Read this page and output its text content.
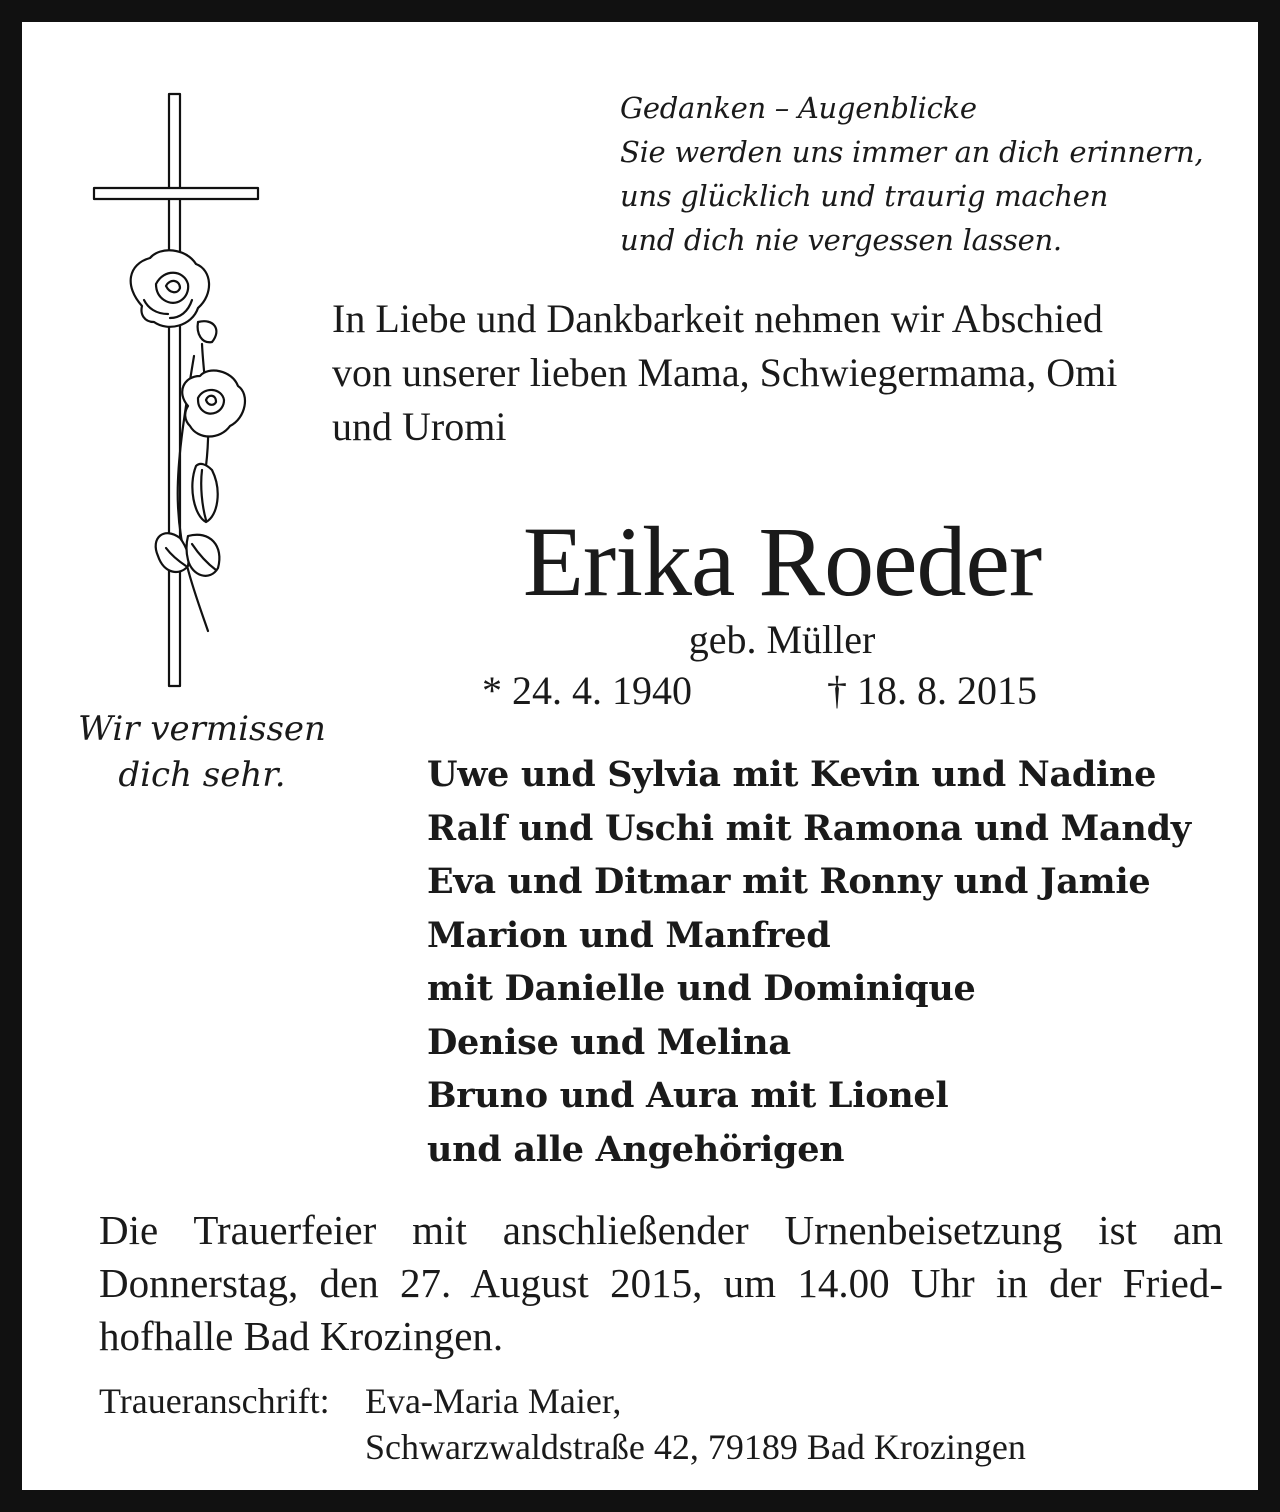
Gedanken – Augenblicke
Sie werden uns immer an dich erinnern,
uns glücklich und traurig machen
und dich nie vergessen lassen.
In Liebe und Dankbarkeit nehmen wir Abschied
von unserer lieben Mama, Schwiegermama, Omi
und Uromi
Erika Roeder
geb. Müller
* 24. 4. 1940	† 18. 8. 2015
Wir vermissen
dich sehr.	Uwe und Sylvia mit Kevin und Nadine
Ralf und Uschi mit Ramona und Mandy
Eva und Ditmar mit Ronny und Jamie
Marion und Manfred
mit Danielle und Dominique
Denise und Melina
Bruno und Aura mit Lionel
und alle Angehörigen
Die Trauerfeier mit anschließender Urnenbeisetzung ist am
Donnerstag, den 27. August 2015, um 14.00 Uhr in der Fried-
hofhalle Bad Krozingen.
Traueranschrift: Eva-Maria Maier,
Schwarzwaldstraße 42, 79189 Bad Krozingen
